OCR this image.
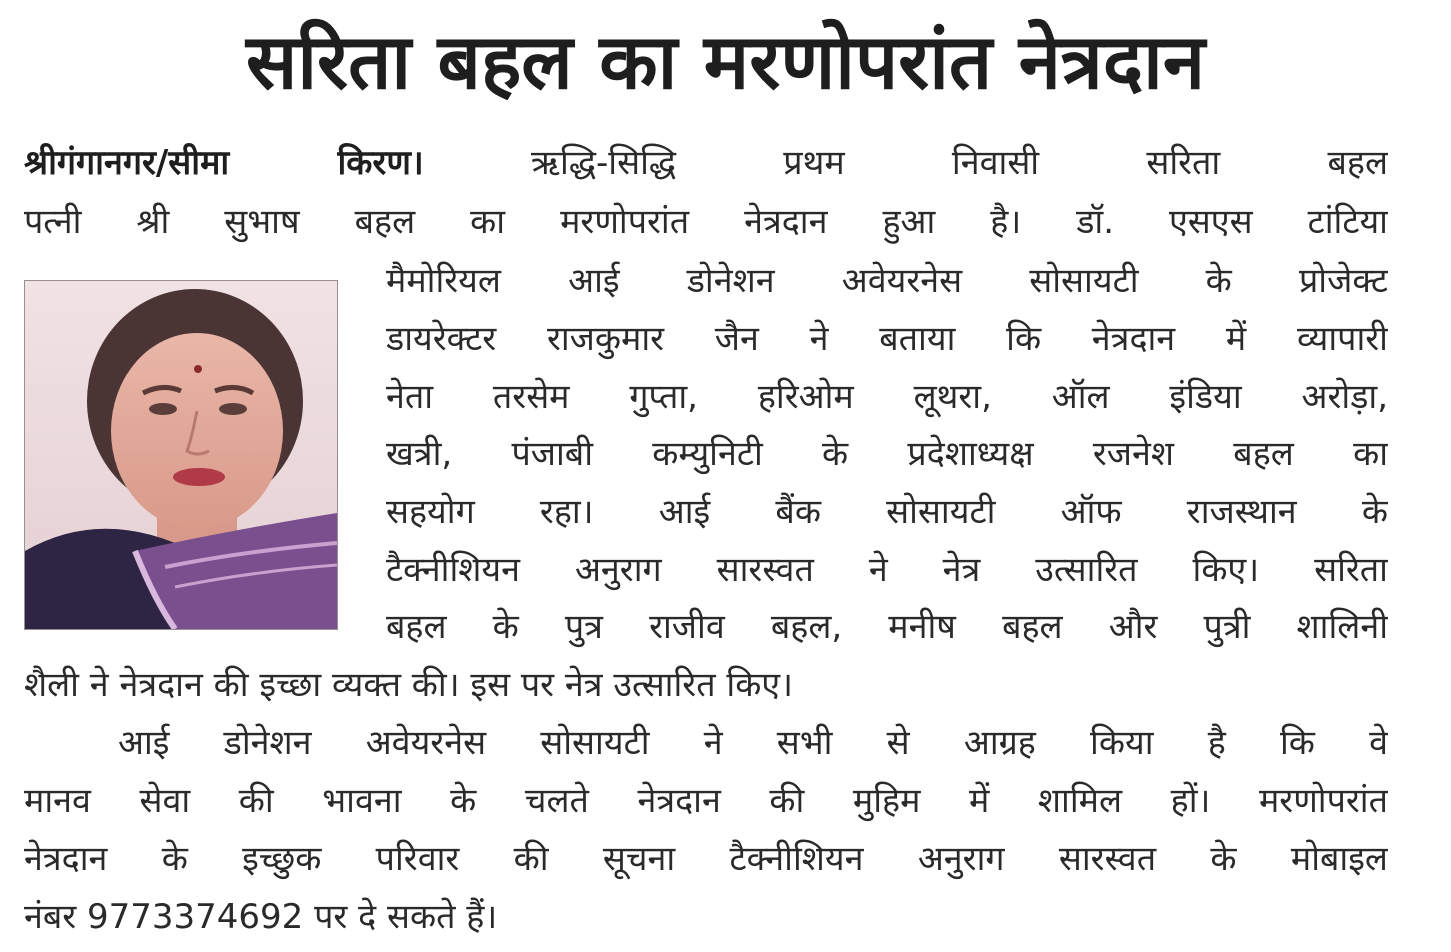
सरिता बहल का मरणोपरांत नेत्रदान
श्रीगंगानगर/सीमा किरण।	ऋद्धि-सिद्धि प्रथम निवासी सरिता बहल
पत्नी श्री सुभाष बहल का मरणोपरांत नेत्रदान हुआ है। डॉ. एसएस टांटिया
मैमोरियल आई डोनेशन अवेयरनेस सोसायटी के प्रोजेक्ट
डायरेक्टर राजकुमार जैन ने बताया कि नेत्रदान में व्यापारी
नेता तरसेम गुप्ता, हरिओम लूथरा, ऑल इंडिया अरोड़ा,
खत्री, पंजाबी कम्युनिटी के प्रदेशाध्यक्ष रजनेश बहल का
सहयोग रहा। आई बैंक सोसायटी ऑफ राजस्थान के
टैक्नीशियन अनुराग सारस्वत ने नेत्र उत्सारित किए। सरिता
बहल के पुत्र राजीव बहल, मनीष बहल और पुत्री शालिनी
शैली ने नेत्रदान की इच्छा व्यक्त की। इस पर नेत्र उत्सारित किए।
आई डोनेशन अवेयरनेस सोसायटी ने सभी से आग्रह किया है कि वे
मानव सेवा की भावना के चलते नेत्रदान की मुहिम में शामिल हों। मरणोपरांत
नेत्रदान के इच्छुक परिवार की सूचना टैक्नीशियन अनुराग सारस्वत के मोबाइल
नंबर 9773374692 पर दे सकते हैं।
